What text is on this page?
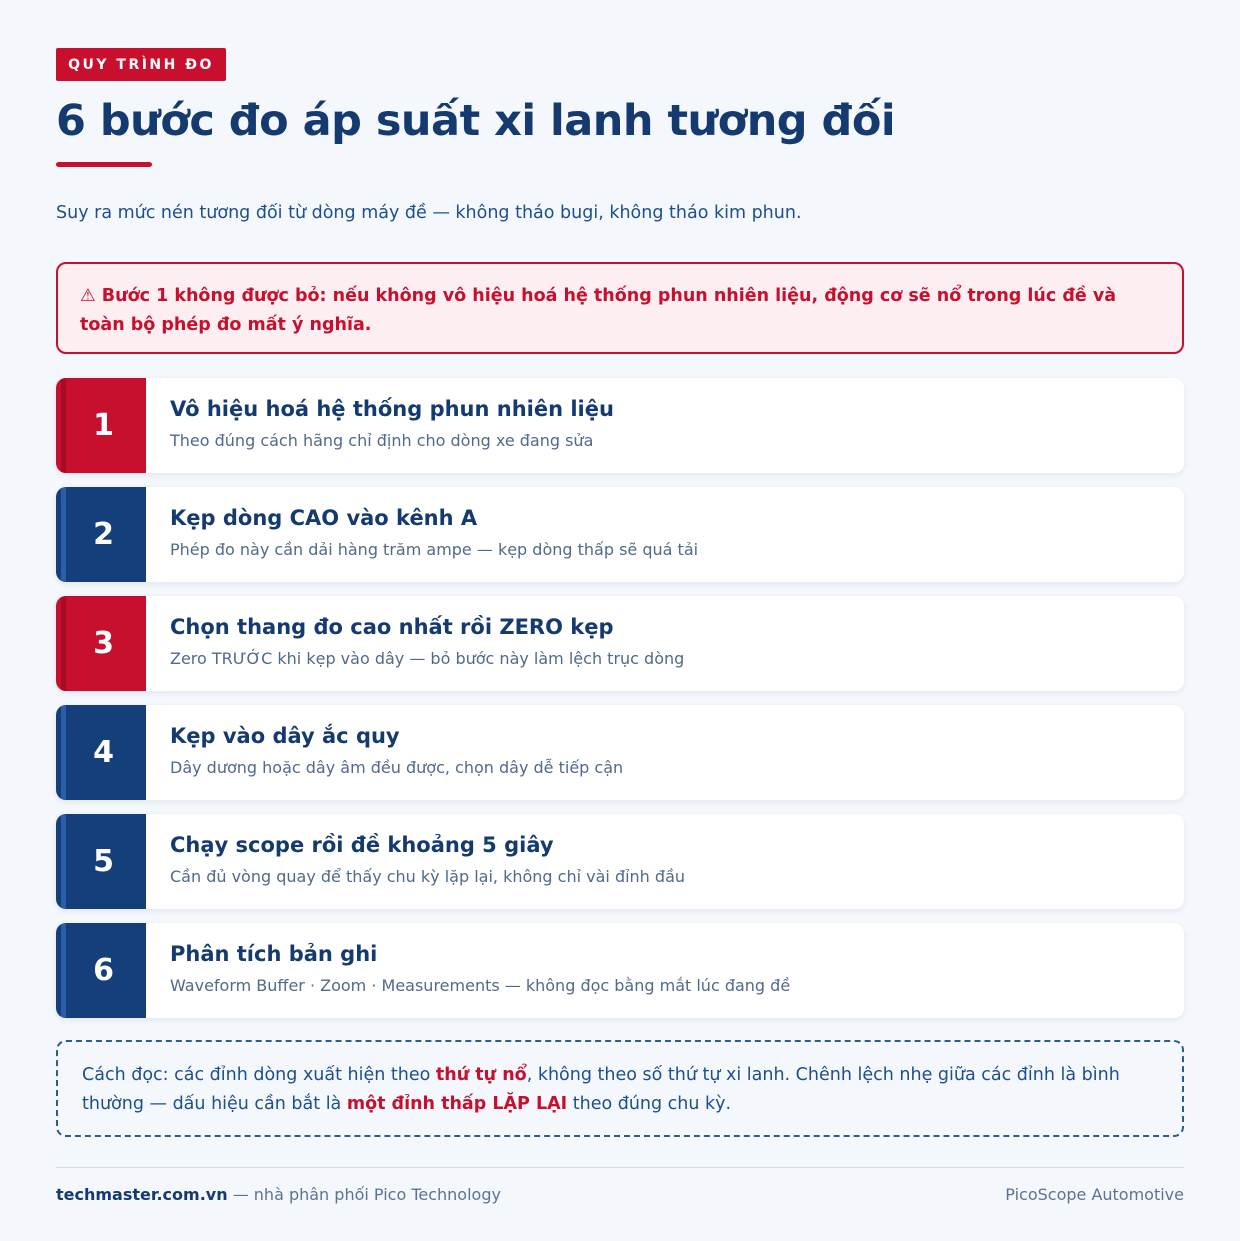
QUY TRÌNH ĐO
6 bước đo áp suất xi lanh tương đối

Suy ra mức nén tương đối từ dòng máy đề — không tháo bugi, không tháo kim phun.

⚠ Bước 1 không được bỏ: nếu không vô hiệu hoá hệ thống phun nhiên liệu, động cơ sẽ nổ trong lúc đề và toàn bộ phép đo mất ý nghĩa.
1	Vô hiệu hoá hệ thống phun nhiên liệu
Theo đúng cách hãng chỉ định cho dòng xe đang sửa
2	Kẹp dòng CAO vào kênh A
Phép đo này cần dải hàng trăm ampe — kẹp dòng thấp sẽ quá tải
3	Chọn thang đo cao nhất rồi ZERO kẹp
Zero TRƯỚC khi kẹp vào dây — bỏ bước này làm lệch trục dòng
4	Kẹp vào dây ắc quy
Dây dương hoặc dây âm đều được, chọn dây dễ tiếp cận
5	Chạy scope rồi đề khoảng 5 giây
Cần đủ vòng quay để thấy chu kỳ lặp lại, không chỉ vài đỉnh đầu
6	Phân tích bản ghi
Waveform Buffer · Zoom · Measurements — không đọc bằng mắt lúc đang đề
Cách đọc: các đỉnh dòng xuất hiện theo thứ tự nổ, không theo số thứ tự xi lanh. Chênh lệch nhẹ giữa các đỉnh là bình thường — dấu hiệu cần bắt là một đỉnh thấp LẶP LẠI theo đúng chu kỳ.
techmaster.com.vn — nhà phân phối Pico Technology	PicoScope Automotive
